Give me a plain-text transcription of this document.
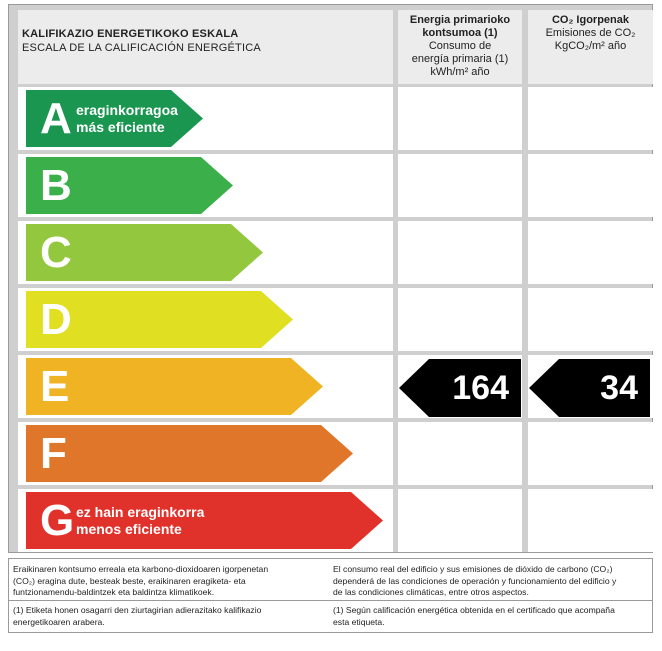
KALIFIKAZIO ENERGETIKOKO ESKALA
ESCALA DE LA CALIFICACIÓN ENERGÉTICA
Energia primarioko
kontsumoa (1)
Consumo de
energía primaria (1)
kWh/m² año
CO₂ Igorpenak
Emisiones de CO₂
KgCO₂/m² año
A eraginkorragoa
más eficiente
B
C
D
E	164	34
F
G ez hain eraginkorra
menos eficiente
Eraikinaren kontsumo erreala eta karbono-dioxidoaren igorpenetan
(CO₂) eragina dute, besteak beste, eraikinaren eragiketa- eta
funtzionamendu-baldintzek eta baldintza klimatikoek.
El consumo real del edificio y sus emisiones de dióxido de carbono (CO₂)
dependerá de las condiciones de operación y funcionamiento del edificio y
de las condiciones climáticas, entre otros aspectos.
(1) Etiketa honen osagarri den ziurtagirian adierazitako kalifikazio
energetikoaren arabera.
(1) Según calificación energética obtenida en el certificado que acompaña
esta etiqueta.
